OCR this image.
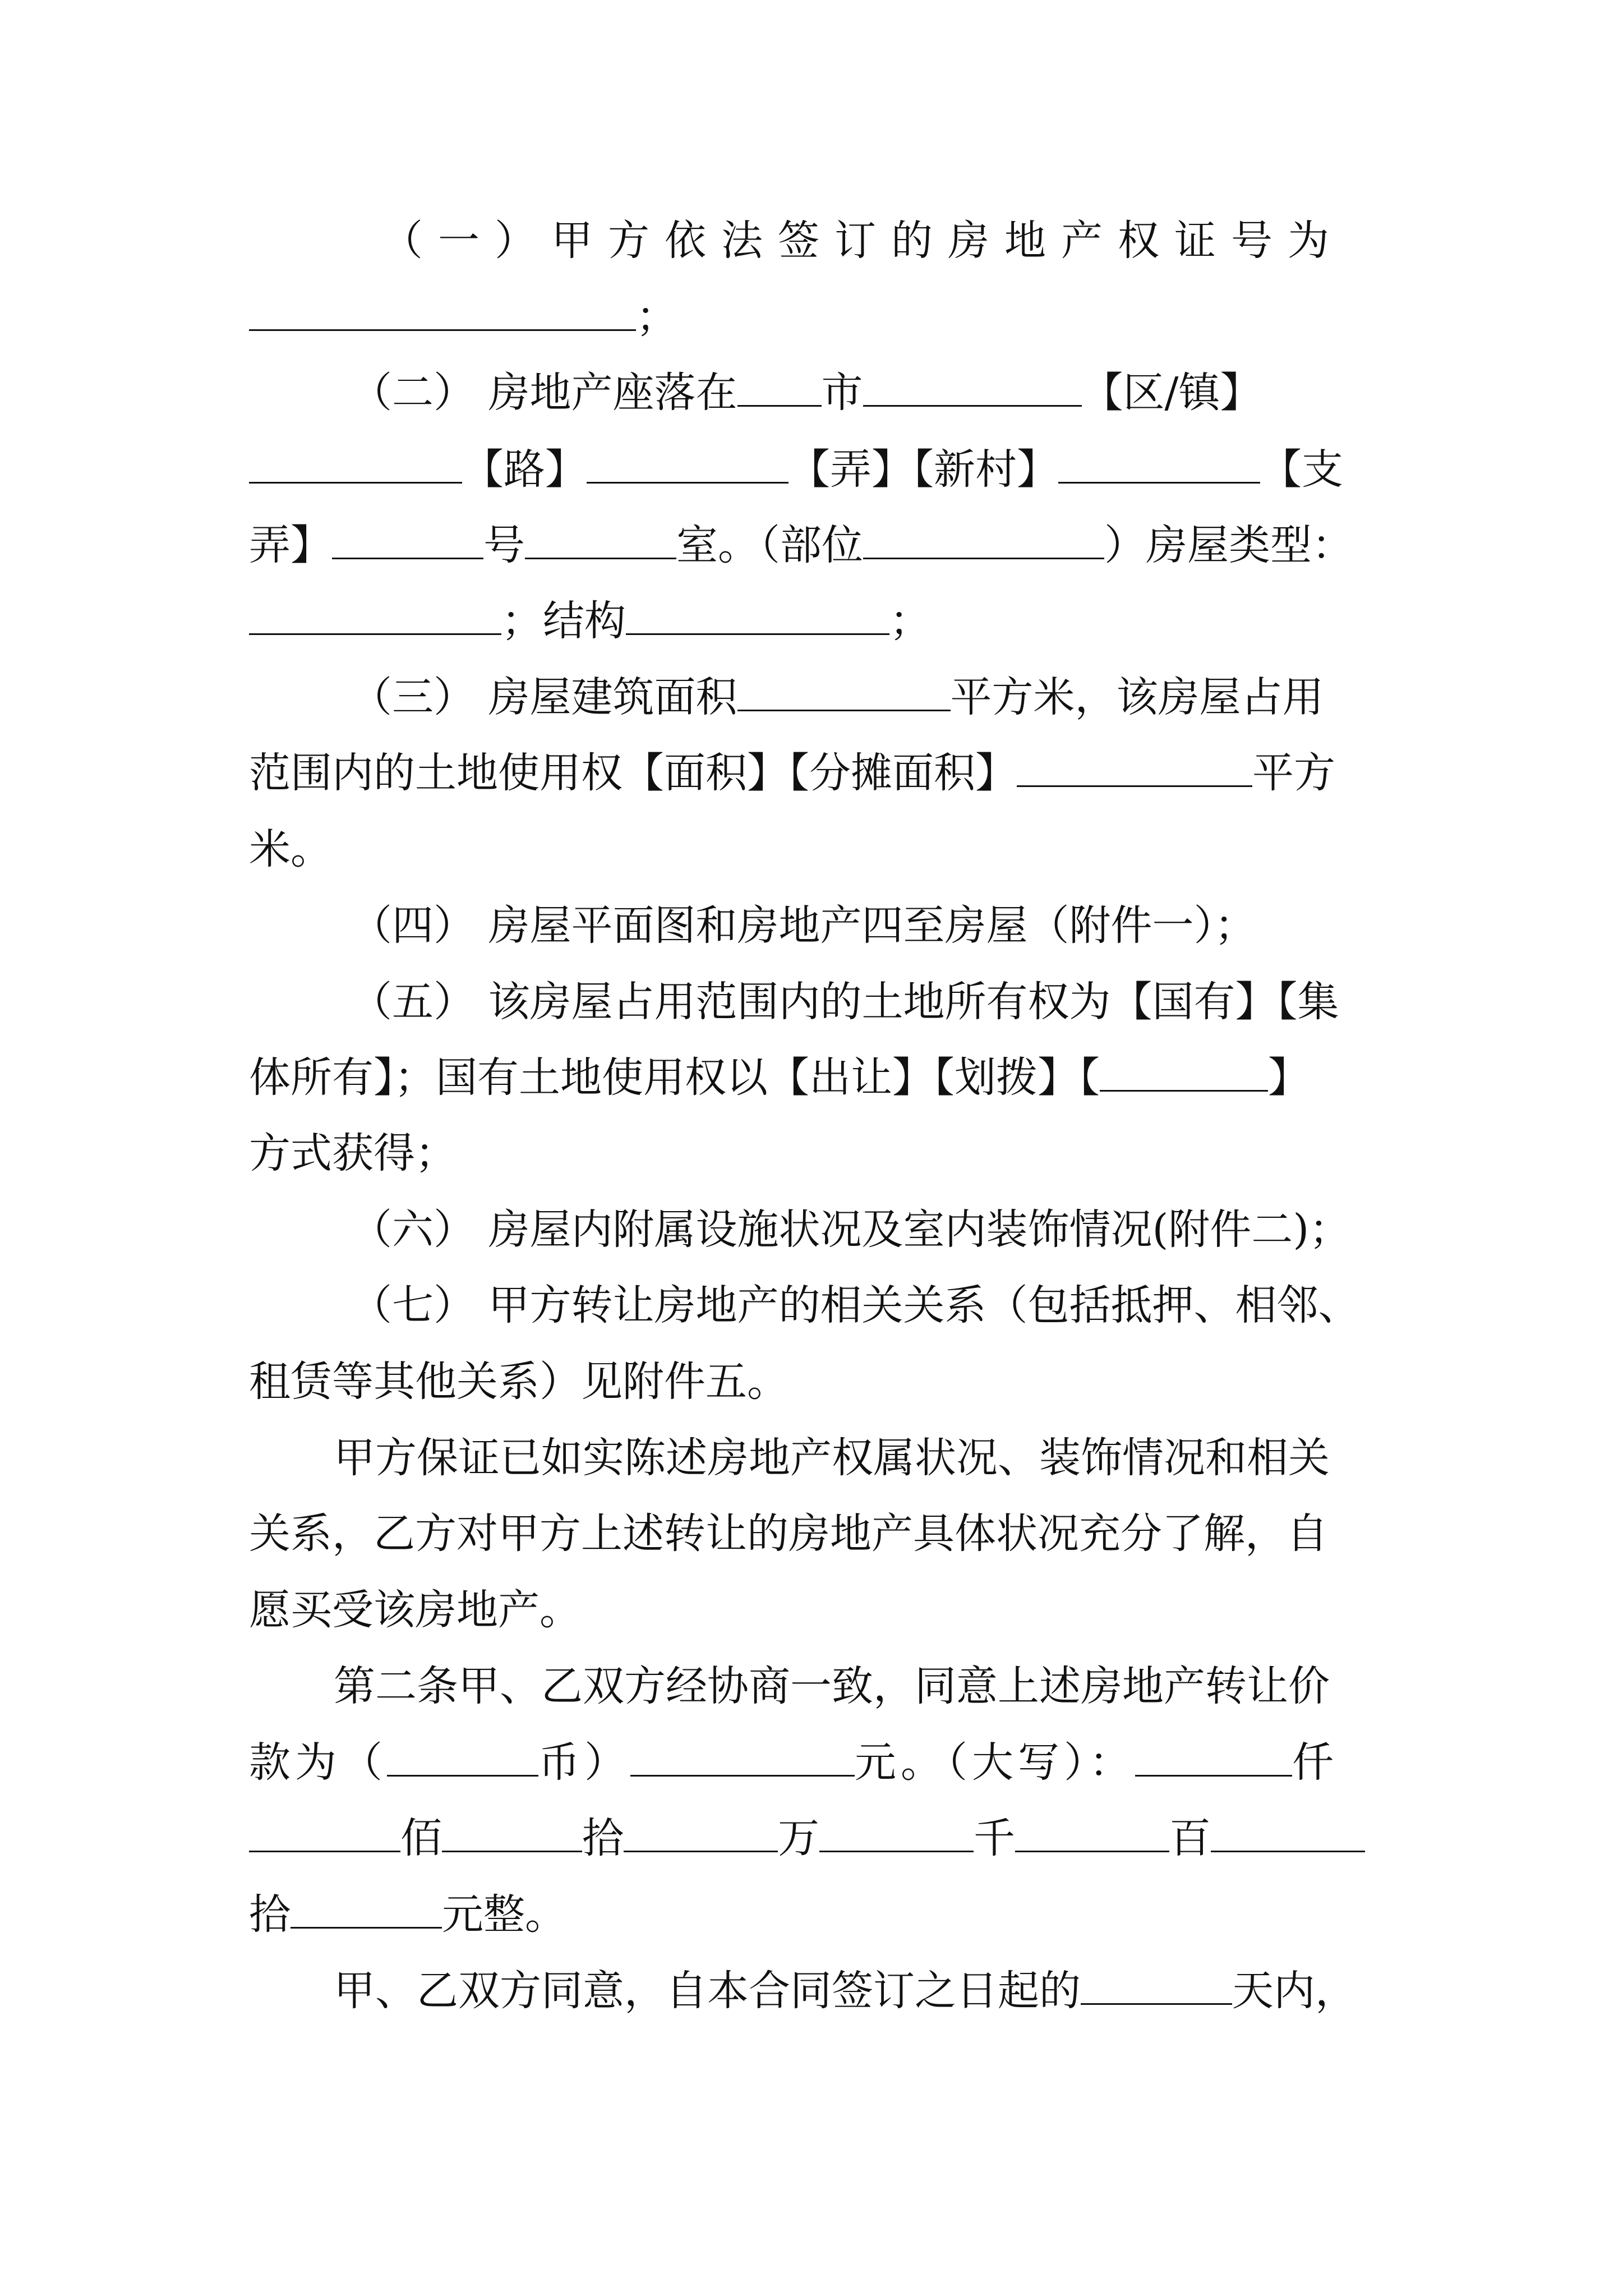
（一）甲方依法签订的房地产权证号为
；
（二） 房地产座落在 市	【区/镇】
【路】	【弄】【新村】	【支
弄】	号	室。（部位	）房屋类型：
；结构	；
（三） 房屋建筑面积	平方米，该房屋占用
范围内的土地使用权【面积】【分摊面积】	平方
米。
（四） 房屋平面图和房地产四至房屋（附件一）；
（五） 该房屋占用范围内的土地所有权为【国有】【集
体所有】；国有土地使用权以【出让】【划拨】【	】
方式获得；
（六） 房屋内附属设施状况及室内装饰情况(附件二)；
（七） 甲方转让房地产的相关关系（包括抵押、相邻、
租赁等其他关系）见附件五。
甲方保证已如实陈述房地产权属状况、装饰情况和相关
关系，乙方对甲方上述转让的房地产具体状况充分了解，自
愿买受该房地产。
第二条甲、乙双方经协商一致，同意上述房地产转让价
款为（	币）	元。（大写）：	仟
佰	拾	万	千	百
拾	元整。
甲、乙双方同意，自本合同签订之日起的	天内，
